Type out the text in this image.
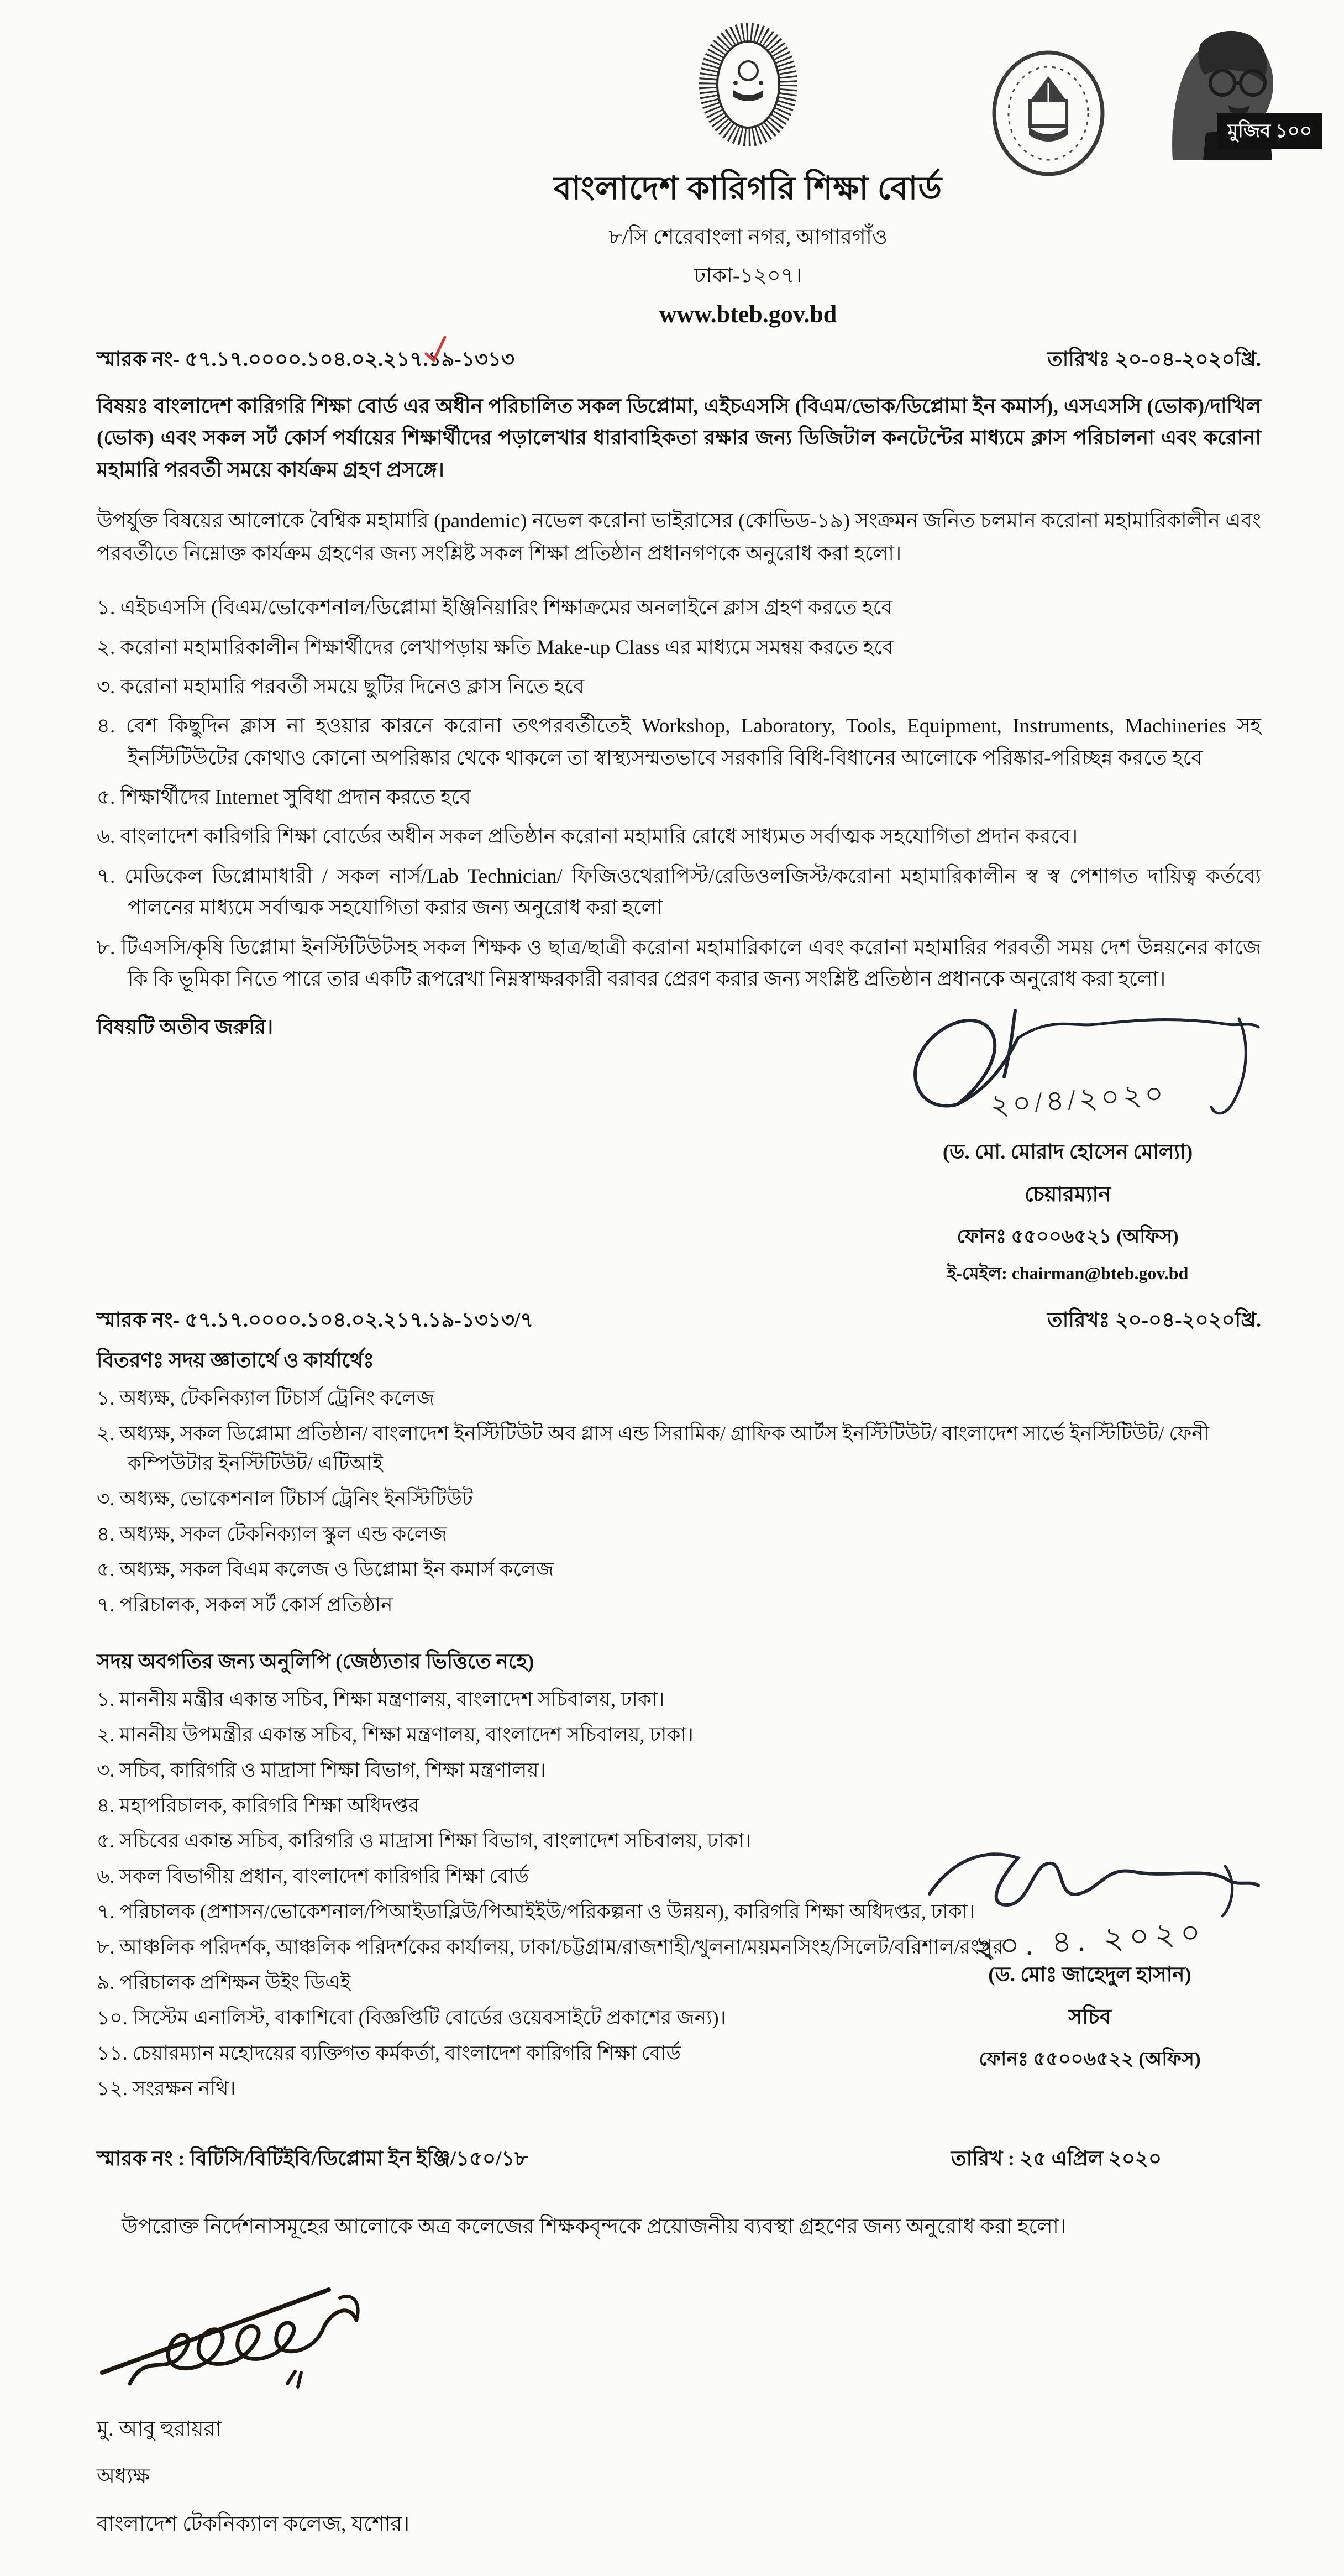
মুজিব ১০০
বাংলাদেশ কারিগরি শিক্ষা বোর্ড
৮/সি শেরেবাংলা নগর, আগারগাঁও
ঢাকা-১২০৭।
www.bteb.gov.bd
স্মারক নং- ৫৭.১৭.০০০০.১০৪.০২.২১৭.১৯-১৩১৩	তারিখঃ ২০-০৪-২০২০খ্রি.
বিষয়ঃ বাংলাদেশ কারিগরি শিক্ষা বোর্ড এর অধীন পরিচালিত সকল ডিপ্লোমা, এইচএসসি (বিএম/ভোক/ডিপ্লোমা ইন কমার্স), এসএসসি (ভোক)/দাখিল (ভোক) এবং সকল সর্ট কোর্স পর্যায়ের শিক্ষার্থীদের পড়ালেখার ধারাবাহিকতা রক্ষার জন্য ডিজিটাল কনটেন্টের মাধ্যমে ক্লাস পরিচালনা এবং করোনা মহামারি পরবর্তী সময়ে কার্যক্রম গ্রহণ প্রসঙ্গে।
উপর্যুক্ত বিষয়ের আলোকে বৈশ্বিক মহামারি (pandemic) নভেল করোনা ভাইরাসের (কোভিড-১৯) সংক্রমন জনিত চলমান করোনা মহামারিকালীন এবং পরবর্তীতে নিম্নোক্ত কার্যক্রম গ্রহণের জন্য সংশ্লিষ্ট সকল শিক্ষা প্রতিষ্ঠান প্রধানগণকে অনুরোধ করা হলো।
১. এইচএসসি (বিএম/ভোকেশনাল/ডিপ্লোমা ইঞ্জিনিয়ারিং শিক্ষাক্রমের অনলাইনে ক্লাস গ্রহণ করতে হবে
২. করোনা মহামারিকালীন শিক্ষার্থীদের লেখাপড়ায় ক্ষতি Make-up Class এর মাধ্যমে সমন্বয় করতে হবে
৩. করোনা মহামারি পরবর্তী সময়ে ছুটির দিনেও ক্লাস নিতে হবে
৪. বেশ কিছুদিন ক্লাস না হওয়ার কারনে করোনা তৎপরবর্তীতেই Workshop, Laboratory, Tools, Equipment, Instruments, Machineries সহ ইনস্টিটিউটের কোথাও কোনো অপরিষ্কার থেকে থাকলে তা স্বাস্থ্যসম্মতভাবে সরকারি বিধি-বিধানের আলোকে পরিষ্কার-পরিচ্ছন্ন করতে হবে
৫. শিক্ষার্থীদের Internet সুবিধা প্রদান করতে হবে
৬. বাংলাদেশ কারিগরি শিক্ষা বোর্ডের অধীন সকল প্রতিষ্ঠান করোনা মহামারি রোধে সাধ্যমত সর্বাত্মক সহযোগিতা প্রদান করবে।
৭. মেডিকেল ডিপ্লোমাধারী / সকল নার্স/Lab Technician/ ফিজিওথেরাপিস্ট/রেডিওলজিস্ট/করোনা মহামারিকালীন স্ব স্ব পেশাগত দায়িত্ব কর্তব্যে পালনের মাধ্যমে সর্বাত্মক সহযোগিতা করার জন্য অনুরোধ করা হলো
৮. টিএসসি/কৃষি ডিপ্লোমা ইনস্টিটিউটসহ সকল শিক্ষক ও ছাত্র/ছাত্রী করোনা মহামারিকালে এবং করোনা মহামারির পরবর্তী সময় দেশ উন্নয়নের কাজে কি কি ভূমিকা নিতে পারে তার একটি রূপরেখা নিম্নস্বাক্ষরকারী বরাবর প্রেরণ করার জন্য সংশ্লিষ্ট প্রতিষ্ঠান প্রধানকে অনুরোধ করা হলো।
বিষয়টি অতীব জরুরি।
২০/৪/২০২০
(ড. মো. মোরাদ হোসেন মোল্যা)
চেয়ারম্যান
ফোনঃ ৫৫০০৬৫২১ (অফিস)
ই-মেইল: chairman@bteb.gov.bd
স্মারক নং- ৫৭.১৭.০০০০.১০৪.০২.২১৭.১৯-১৩১৩/৭	তারিখঃ ২০-০৪-২০২০খ্রি.
বিতরণঃ সদয় জ্ঞাতার্থে ও কার্যার্থেঃ
১. অধ্যক্ষ, টেকনিক্যাল টিচার্স ট্রেনিং কলেজ
২. অধ্যক্ষ, সকল ডিপ্লোমা প্রতিষ্ঠান/ বাংলাদেশ ইনস্টিটিউট অব গ্লাস এন্ড সিরামিক/ গ্রাফিক আর্টস ইনস্টিটিউট/ বাংলাদেশ সার্ভে ইনস্টিটিউট/ ফেনী কম্পিউটার ইনস্টিটিউট/ এটিআই
৩. অধ্যক্ষ, ভোকেশনাল টিচার্স ট্রেনিং ইনস্টিটিউট
৪. অধ্যক্ষ, সকল টেকনিক্যাল স্কুল এন্ড কলেজ
৫. অধ্যক্ষ, সকল বিএম কলেজ ও ডিপ্লোমা ইন কমার্স কলেজ
৭. পরিচালক, সকল সর্ট কোর্স প্রতিষ্ঠান
সদয় অবগতির জন্য অনুলিপি (জেষ্ঠ্যতার ভিত্তিতে নহে)
১. মাননীয় মন্ত্রীর একান্ত সচিব, শিক্ষা মন্ত্রণালয়, বাংলাদেশ সচিবালয়, ঢাকা।
২. মাননীয় উপমন্ত্রীর একান্ত সচিব, শিক্ষা মন্ত্রণালয়, বাংলাদেশ সচিবালয়, ঢাকা।
৩. সচিব, কারিগরি ও মাদ্রাসা শিক্ষা বিভাগ, শিক্ষা মন্ত্রণালয়।
৪. মহাপরিচালক, কারিগরি শিক্ষা অধিদপ্তর
৫. সচিবের একান্ত সচিব, কারিগরি ও মাদ্রাসা শিক্ষা বিভাগ, বাংলাদেশ সচিবালয়, ঢাকা।
৬. সকল বিভাগীয় প্রধান, বাংলাদেশ কারিগরি শিক্ষা বোর্ড
৭. পরিচালক (প্রশাসন/ভোকেশনাল/পিআইডাব্লিউ/পিআইইউ/পরিকল্পনা ও উন্নয়ন), কারিগরি শিক্ষা অধিদপ্তর, ঢাকা।
৮. আঞ্চলিক পরিদর্শক, আঞ্চলিক পরিদর্শকের কার্যালয়, ঢাকা/চট্টগ্রাম/রাজশাহী/খুলনা/ময়মনসিংহ/সিলেট/বরিশাল/রংপুর
৯. পরিচালক প্রশিক্ষন উইং ডিএই
১০. সিস্টেম এনালিস্ট, বাকাশিবো (বিজ্ঞপ্তিটি বোর্ডের ওয়েবসাইটে প্রকাশের জন্য)।
১১. চেয়ারম্যান মহোদয়ের ব্যক্তিগত কর্মকর্তা, বাংলাদেশ কারিগরি শিক্ষা বোর্ড
১২. সংরক্ষন নথি।
২০. ৪. ২০২০
(ড. মোঃ জাহেদুল হাসান)
সচিব
ফোনঃ ৫৫০০৬৫২২ (অফিস)
স্মারক নং : বিটিসি/বিটিইবি/ডিপ্লোমা ইন ইঞ্জি/১৫০/১৮	তারিখ : ২৫ এপ্রিল ২০২০
উপরোক্ত নির্দেশনাসমূহের আলোকে অত্র কলেজের শিক্ষকবৃন্দকে প্রয়োজনীয় ব্যবস্থা গ্রহণের জন্য অনুরোধ করা হলো।
মু. আবু হুরায়রা
অধ্যক্ষ
বাংলাদেশ টেকনিক্যাল কলেজ, যশোর।
